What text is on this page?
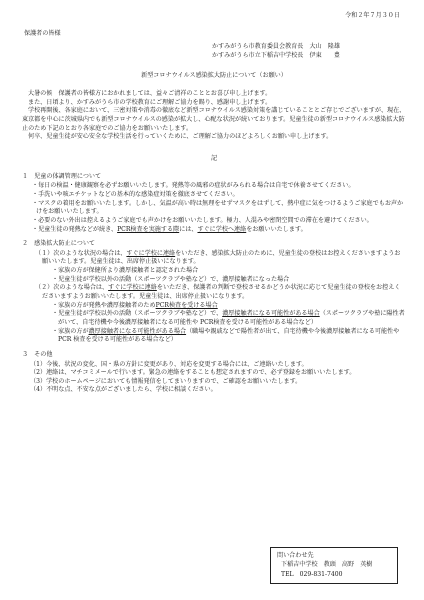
令和２年７月３０日
保護者の皆様
かすみがうら市教育委員会教育長　大山　隆雄
かすみがうら市立下稲吉中学校長　伊東　　豊
新型コロナウイルス感染拡大防止について（お願い）

大暑の候　保護者の皆様方におかれましては、益々ご清祥のこととお喜び申し上げます。

また、日頃より、かすみがうら市の学校教育にご理解ご協力を賜り、感謝申し上げます。

学校再開後、各家庭において、三密対策や消毒の徹底など新型コロナウイルス感染対策を講じていることとご存じでございますが、現在、東京都を中心に茨城県内でも新型コロナウイルスの感染が拡大し、心配な状況が続いております。児童生徒の新型コロナウイルス感染拡大防止のため下記のとおり各家庭でのご協力をお願いいたします。

何卒、児童生徒が安心安全な学校生活を行っていくために、ご理解ご協力のほどよろしくお願い申し上げます。

記
１　児童の体調管理について

・毎日の検温・健康観察を必ずお願いいたします。発熱等の風邪の症状がみられる場合は自宅で休養させてください。

・手洗いや咳エチケットなどの基本的な感染症対策を徹底させてください。

・マスクの着用をお願いいたします。しかし、気温が高い時は無理をせずマスクをはずして、熱中症に気をつけるようご家庭でもお声かけをお願いいたします。

・必要のない外出は控えるようご家庭でも声かけをお願いいたします。極力、人混みや密閉空間での滞在を避けてください。

・児童生徒の発熱などが続き、PCR検査を実施する際には、すぐに学校へ連絡をお願いいたします。

２　感染拡大防止について

（１）次のような状況の場合は、すぐに学校に連絡をいただき、感染拡大防止のために、児童生徒の登校はお控えくださいますようお願いいたします。児童生徒は、出席停止扱いになります。

・家族の方が保健所より濃厚接触者と認定された場合

・児童生徒が学校以外の活動（スポーツクラブや塾など）で、濃厚接触者になった場合

（２）次のような場合は、すぐに学校に連絡をいただき、保護者の判断で登校させるかどうか状況に応じて児童生徒の登校をお控えくださいますようお願いいたします。児童生徒は、出席停止扱いになります。

・家族の方が発熱や濃厚接触者のためPCR検査を受ける場合

・児童生徒が学校以外の活動（スポーツクラブや塾など）で、濃厚接触者になる可能性がある場合（スポーツクラブや塾に陽性者がいて、自宅待機や今後濃厚接触者になる可能性や PCR検査を受ける可能性がある場合など）

・家族の方が濃厚接触者になる可能性がある場合（職場や親戚などで陽性者が出て、自宅待機や今後濃厚接触者になる可能性やPCR 検査を受ける可能性がある場合など）

３　その他

（1）今後、状況の変化、国・県の方針に変更があり、対応を変更する場合には、ご連絡いたします。

（2）連絡は、マチコミメールで行います。緊急の連絡をすることも想定されますので、必ず登録をお願いいたします。

（3）学校のホームページにおいても情報発信をしてまいりますので、ご確認をお願いいたします。

（4）不明な点、不安な点がございましたら、学校に相談ください。

問い合わせ先
下稲吉中学校　教頭　高野　英樹
TEL　029-831-7400
